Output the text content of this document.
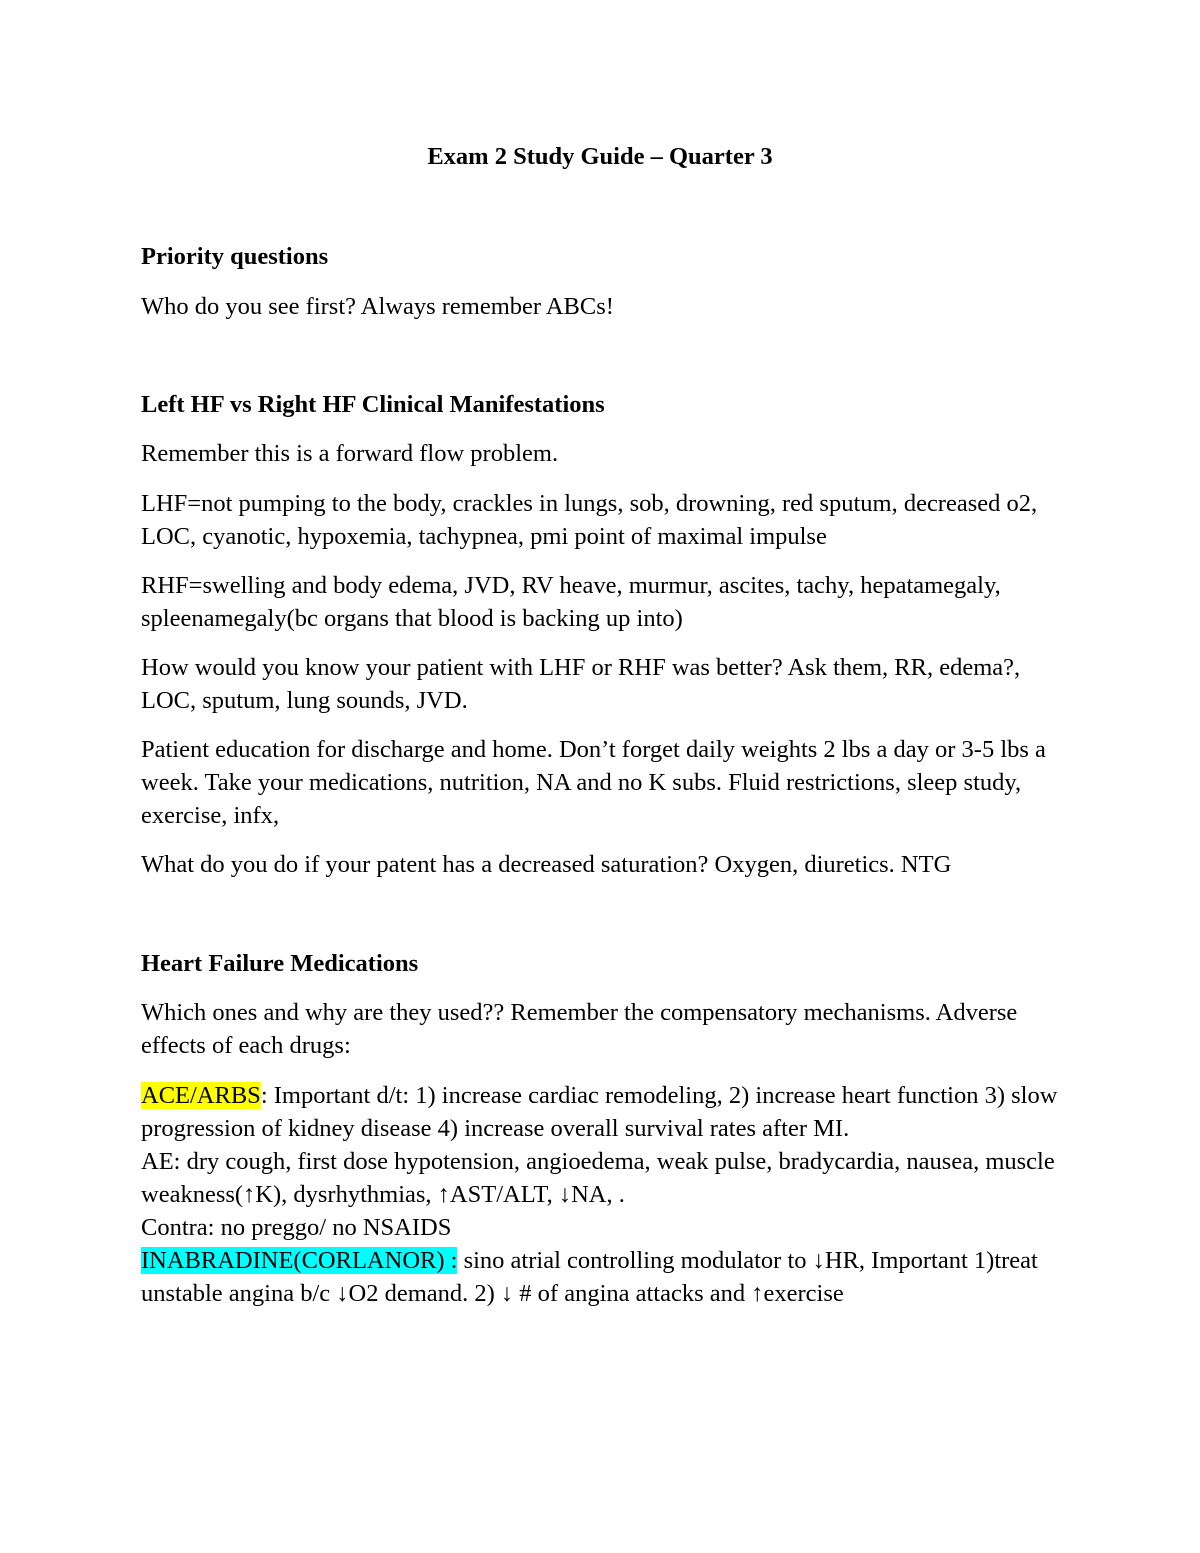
Exam 2 Study Guide – Quarter 3

Priority questions

Who do you see first? Always remember ABCs!

Left HF vs Right HF Clinical Manifestations

Remember this is a forward flow problem.

LHF=not pumping to the body, crackles in lungs, sob, drowning, red sputum, decreased o2, LOC, cyanotic, hypoxemia, tachypnea, pmi point of maximal impulse

RHF=swelling and body edema, JVD, RV heave, murmur, ascites, tachy, hepatamegaly, spleenamegaly(bc organs that blood is backing up into)

How would you know your patient with LHF or RHF was better? Ask them, RR, edema?, LOC, sputum, lung sounds, JVD.

Patient education for discharge and home. Don’t forget daily weights 2 lbs a day or 3-5 lbs a week. Take your medications, nutrition, NA and no K subs. Fluid restrictions, sleep study, exercise, infx,

What do you do if your patent has a decreased saturation? Oxygen, diuretics. NTG

Heart Failure Medications

Which ones and why are they used?? Remember the compensatory mechanisms. Adverse effects of each drugs:

ACE/ARBS: Important d/t: 1) increase cardiac remodeling, 2) increase heart function 3) slow progression of kidney disease 4) increase overall survival rates after MI.

AE: dry cough, first dose hypotension, angioedema, weak pulse, bradycardia, nausea, muscle weakness(↑K), dysrhythmias, ↑AST/ALT, ↓NA, .

Contra: no preggo/ no NSAIDS

INABRADINE(CORLANOR) : sino atrial controlling modulator to ↓HR, Important 1)treat unstable angina b/c ↓O2 demand. 2) ↓ # of angina attacks and ↑exercise
